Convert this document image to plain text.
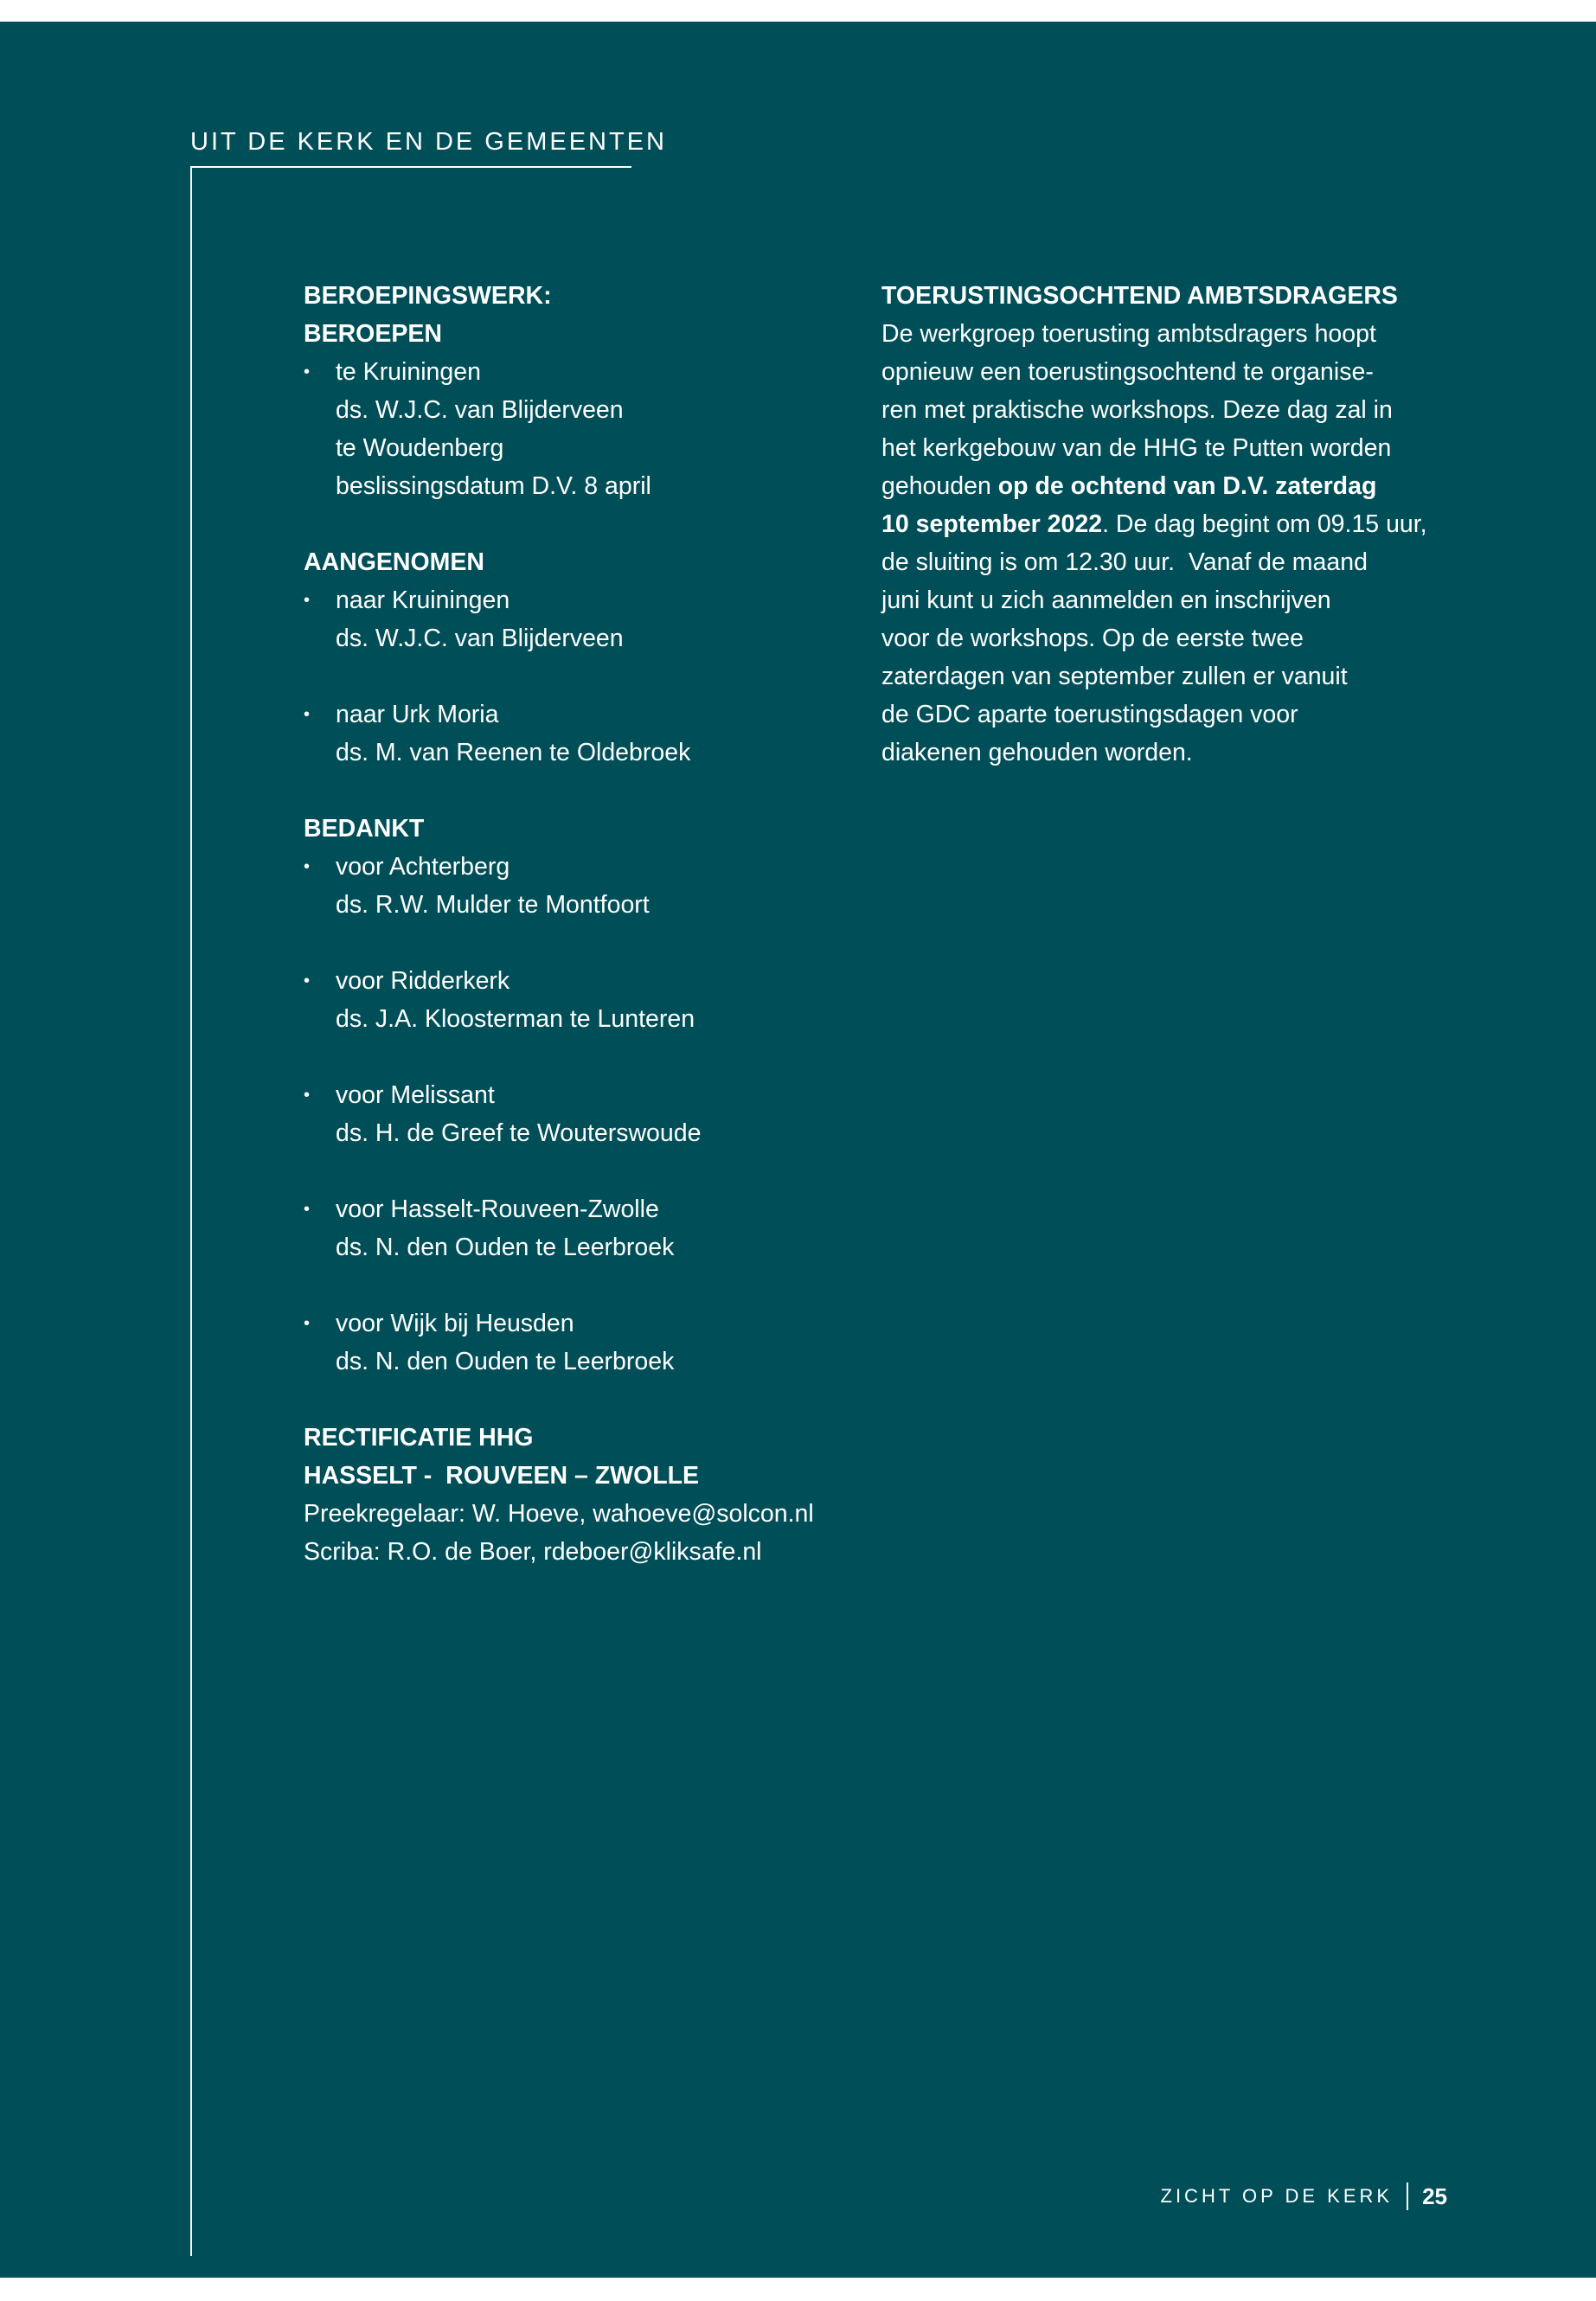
UIT DE KERK EN DE GEMEENTEN
BEROEPINGSWERK:
BEROEPEN
• te Kruiningen
ds. W.J.C. van Blijderveen
te Woudenberg
beslissingsdatum D.V. 8 april
AANGENOMEN
• naar Kruiningen
ds. W.J.C. van Blijderveen
• naar Urk Moria
ds. M. van Reenen te Oldebroek
BEDANKT
• voor Achterberg
ds. R.W. Mulder te Montfoort
• voor Ridderkerk
ds. J.A. Kloosterman te Lunteren
• voor Melissant
ds. H. de Greef te Wouterswoude
• voor Hasselt-Rouveen-Zwolle
ds. N. den Ouden te Leerbroek
• voor Wijk bij Heusden
ds. N. den Ouden te Leerbroek
RECTIFICATIE HHG
HASSELT -  ROUVEEN – ZWOLLE
Preekregelaar: W. Hoeve, wahoeve@solcon.nl
Scriba: R.O. de Boer, rdeboer@kliksafe.nl
TOERUSTINGSOCHTEND AMBTSDRAGERS
De werkgroep toerusting ambtsdragers hoopt
opnieuw een toerustingsochtend te organise-
ren met praktische workshops. Deze dag zal in
het kerkgebouw van de HHG te Putten worden
gehouden op de ochtend van D.V. zaterdag
10 september 2022. De dag begint om 09.15 uur,
de sluiting is om 12.30 uur.  Vanaf de maand
juni kunt u zich aanmelden en inschrijven
voor de workshops. Op de eerste twee
zaterdagen van september zullen er vanuit
de GDC aparte toerustingsdagen voor
diakenen gehouden worden.
ZICHT OP DE KERK 25
